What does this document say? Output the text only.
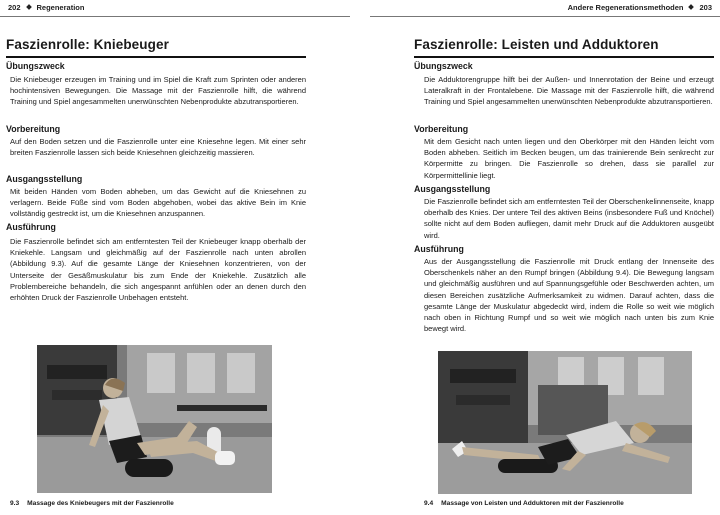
202 Regeneration
Faszienrolle: Kniebeuger
Übungszweck
Die Kniebeuger erzeugen im Training und im Spiel die Kraft zum Sprinten oder anderen hochintensiven Bewegungen. Die Massage mit der Faszienrolle hilft, die während Training und Spiel angesammelten unerwünschten Nebenprodukte abzutransportieren.
Vorbereitung
Auf den Boden setzen und die Faszienrolle unter eine Kniesehne legen. Mit einer sehr breiten Faszienrolle lassen sich beide Kniesehnen gleichzeitig massieren.
Ausgangsstellung
Mit beiden Händen vom Boden abheben, um das Gewicht auf die Kniesehnen zu verlagern. Beide Füße sind vom Boden abgehoben, wobei das aktive Bein im Knie vollständig gestreckt ist, um die Kniesehnen anzuspannen.
Ausführung
Die Faszienrolle befindet sich am entferntesten Teil der Kniebeuger knapp oberhalb der Kniekehle. Langsam und gleichmäßig auf der Faszienrolle nach unten abrollen (Abbildung 9.3). Auf die gesamte Länge der Kniesehnen konzentrieren, von der Unterseite der Gesäßmuskulatur bis zum Ende der Kniekehle. Zusätzlich alle Problembereiche behandeln, die sich angespannt anfühlen oder an denen durch den erhöhten Druck der Faszienrolle Unbehagen entsteht.
9.3 Massage des Kniebeugers mit der Faszienrolle
Andere Regenerationsmethoden 203
Faszienrolle: Leisten und Adduktoren
Übungszweck
Die Adduktorengruppe hilft bei der Außen- und Innenrotation der Beine und erzeugt Lateralkraft in der Frontalebene. Die Massage mit der Faszienrolle hilft, die während Training und Spiel angesammelten unerwünschten Nebenprodukte abzutransportieren.
Vorbereitung
Mit dem Gesicht nach unten liegen und den Oberkörper mit den Händen leicht vom Boden abheben. Seitlich im Becken beugen, um das trainierende Bein senkrecht zur Körpermitte zu bringen. Die Faszienrolle so drehen, dass sie parallel zur Körpermittellinie liegt.
Ausgangsstellung
Die Faszienrolle befindet sich am entferntesten Teil der Oberschenkelinnenseite, knapp oberhalb des Knies. Der untere Teil des aktiven Beins (insbesondere Fuß und Knöchel) sollte nicht auf dem Boden aufliegen, damit mehr Druck auf die Adduktoren ausgeübt wird.
Ausführung
Aus der Ausgangsstellung die Faszienrolle mit Druck entlang der Innenseite des Oberschenkels näher an den Rumpf bringen (Abbildung 9.4). Die Bewegung langsam und gleichmäßig ausführen und auf Spannungsgefühle oder Beschwerden achten, um diesen Bereichen zusätzliche Aufmerksamkeit zu widmen. Darauf achten, dass die gesamte Länge der Muskulatur abgedeckt wird, indem die Rolle so weit wie möglich nach oben in Richtung Rumpf und so weit wie möglich nach unten bis zum Knie bewegt wird.
9.4 Massage von Leisten und Adduktoren mit der Faszienrolle
